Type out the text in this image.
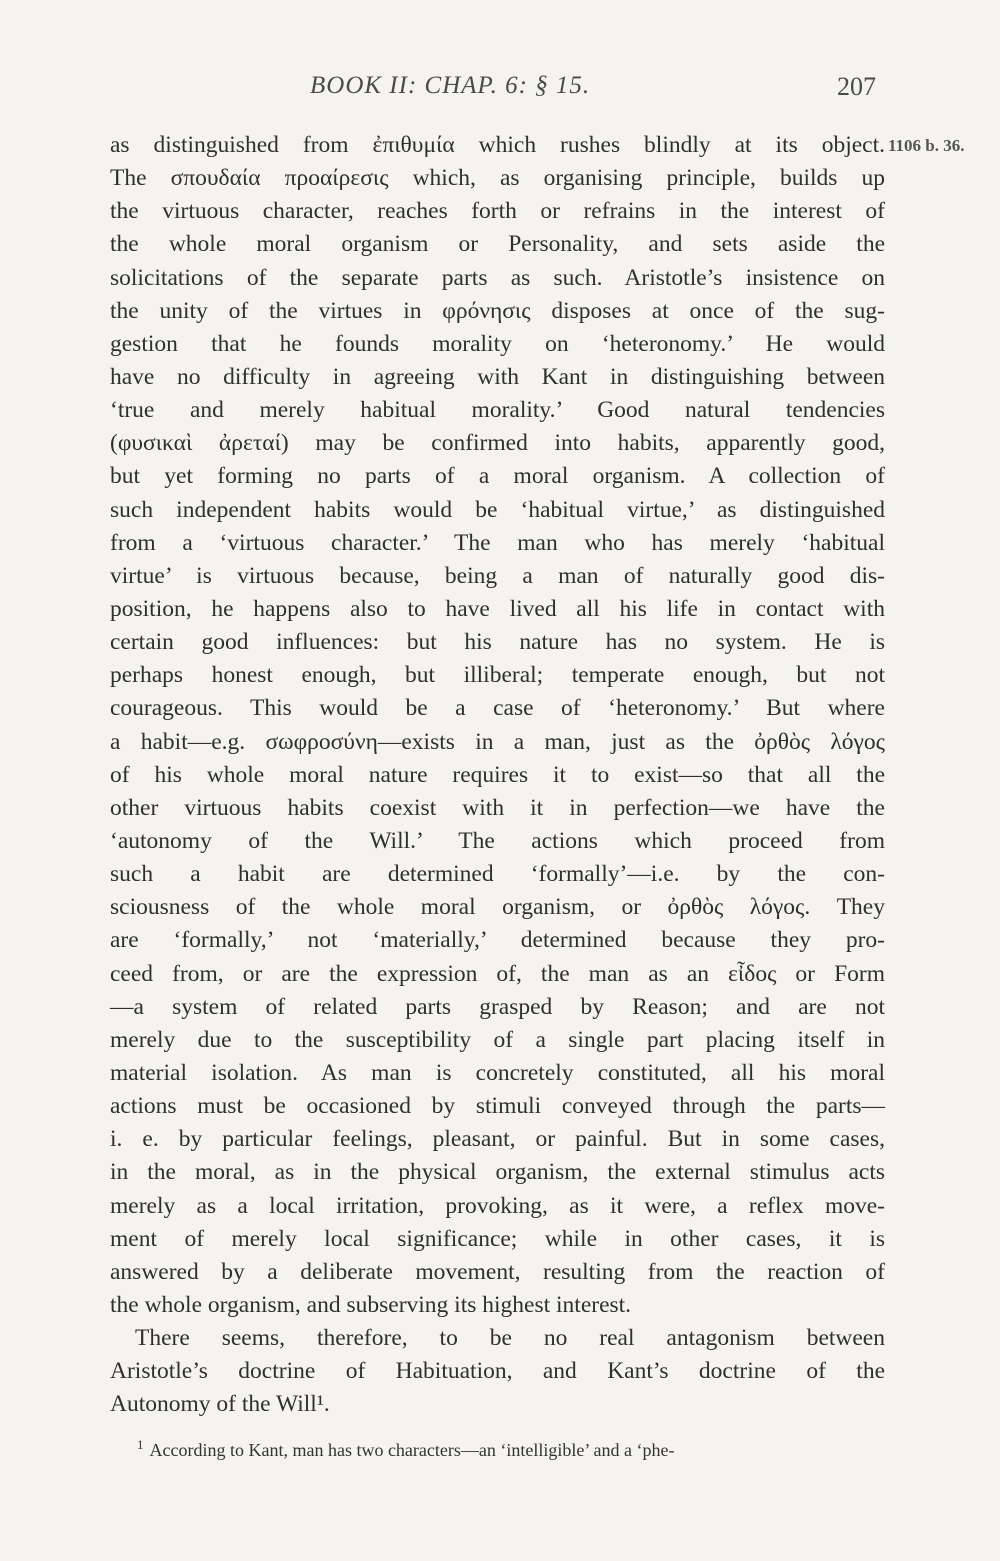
BOOK II: CHAP. 6: § 15.	207
1106 b. 36.
as distinguished from ἐπιθυμία which rushes blindly at its object.
The σπουδαία προαίρεσις which, as organising principle, builds up
the virtuous character, reaches forth or refrains in the interest of
the whole moral organism or Personality, and sets aside the
solicitations of the separate parts as such. Aristotle’s insistence on
the unity of the virtues in φρόνησις disposes at once of the sug-
gestion that he founds morality on ‘heteronomy.’ He would
have no difficulty in agreeing with Kant in distinguishing between
‘true and merely habitual morality.’ Good natural tendencies
(φυσικαὶ ἀρεταί) may be confirmed into habits, apparently good,
but yet forming no parts of a moral organism. A collection of
such independent habits would be ‘habitual virtue,’ as distinguished
from a ‘virtuous character.’ The man who has merely ‘habitual
virtue’ is virtuous because, being a man of naturally good dis-
position, he happens also to have lived all his life in contact with
certain good influences: but his nature has no system. He is
perhaps honest enough, but illiberal; temperate enough, but not
courageous. This would be a case of ‘heteronomy.’ But where
a habit—e.g. σωφροσύνη—exists in a man, just as the ὀρθὸς λόγος
of his whole moral nature requires it to exist—so that all the
other virtuous habits coexist with it in perfection—we have the
‘autonomy of the Will.’ The actions which proceed from
such a habit are determined ‘formally’—i.e. by the con-
sciousness of the whole moral organism, or ὀρθὸς λόγος. They
are ‘formally,’ not ‘materially,’ determined because they pro-
ceed from, or are the expression of, the man as an εἶδος or Form
—a system of related parts grasped by Reason; and are not
merely due to the susceptibility of a single part placing itself in
material isolation. As man is concretely constituted, all his moral
actions must be occasioned by stimuli conveyed through the parts—
i. e. by particular feelings, pleasant, or painful. But in some cases,
in the moral, as in the physical organism, the external stimulus acts
merely as a local irritation, provoking, as it were, a reflex move-
ment of merely local significance; while in other cases, it is
answered by a deliberate movement, resulting from the reaction of
the whole organism, and subserving its highest interest.
There seems, therefore, to be no real antagonism between
Aristotle’s doctrine of Habituation, and Kant’s doctrine of the
Autonomy of the Will¹.
$^1$ According to Kant, man has two characters—an ‘intelligible’ and a ‘phe-
